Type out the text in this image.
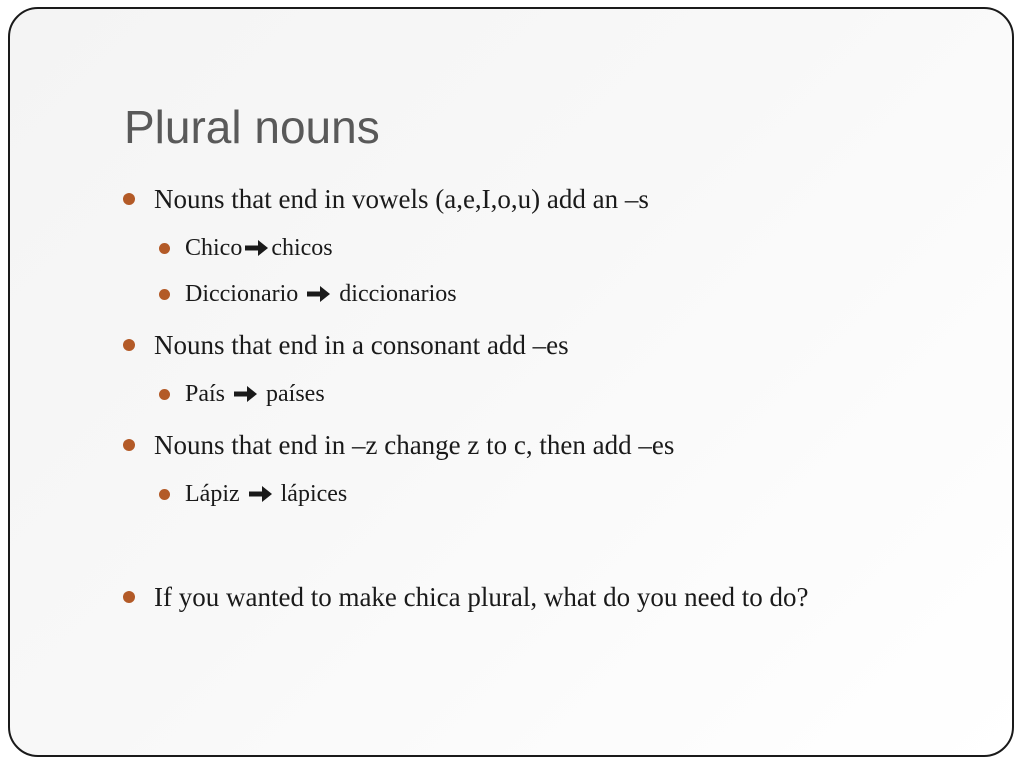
Plural nouns
Nouns that end in vowels (a,e,I,o,u) add an –s
Chico chicos
Diccionario diccionarios
Nouns that end in a consonant add –es
País países
Nouns that end in –z change z to c, then add –es
Lápiz lápices
If you wanted to make chica plural, what do you need to do?
